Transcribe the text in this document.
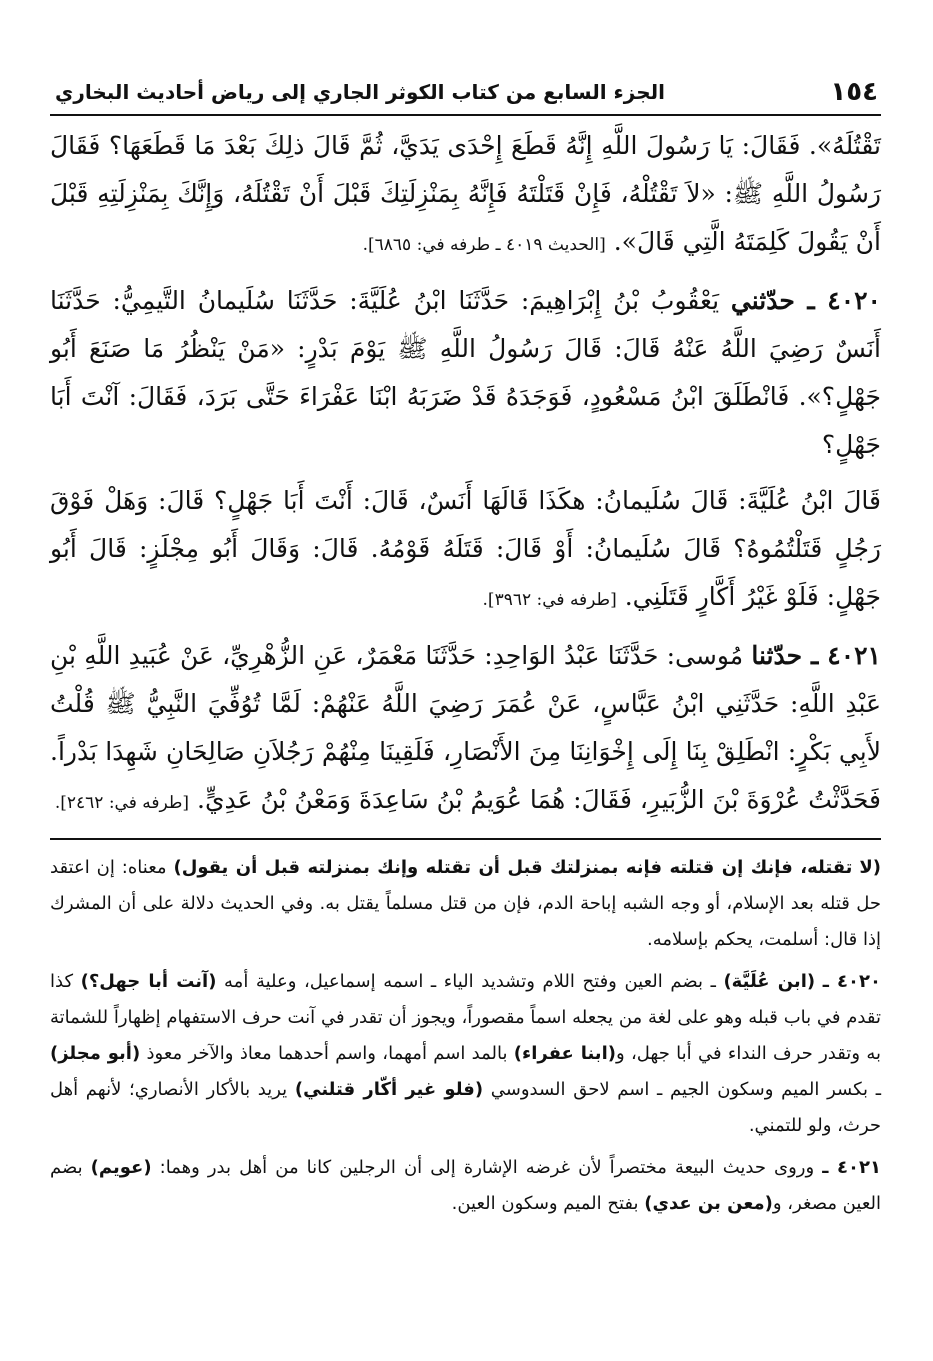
١٥٤
الجزء السابع من كتاب الكوثر الجاري إلى رياض أحاديث البخاري

تَقْتُلَهُ». فَقَالَ: يَا رَسُولَ اللَّهِ إِنَّهُ قَطَعَ إِحْدَى يَدَيَّ، ثُمَّ قَالَ ذلِكَ بَعْدَ مَا قَطَعَهَا؟ فَقَالَ رَسُولُ اللَّهِ ﷺ: «لاَ تَقْتُلْهُ، فَإِنْ قَتَلْتَهُ فَإِنَّهُ بِمَنْزِلَتِكَ قَبْلَ أَنْ تَقْتُلَهُ، وَإِنَّكَ بِمَنْزِلَتِهِ قَبْلَ أَنْ يَقُولَ كَلِمَتَهُ الَّتِي قَالَ». [الحديث ٤٠١٩ ـ طرفه في: ٦٨٦٥].

٤٠٢٠ ـ حدّثني يَعْقُوبُ بْنُ إِبْرَاهِيمَ: حَدَّثَنَا ابْنُ عُلَيَّةَ: حَدَّثَنَا سُلَيمانُ التَّيمِيُّ: حَدَّثَنَا أَنَسٌ رَضِيَ اللَّهُ عَنْهُ قَالَ: قَالَ رَسُولُ اللَّهِ ﷺ يَوْمَ بَدْرٍ: «مَنْ يَنْظُرُ مَا صَنَعَ أَبُو جَهْلٍ؟». فَانْطَلَقَ ابْنُ مَسْعُودٍ، فَوَجَدَهُ قَدْ ضَرَبَهُ ابْنَا عَفْرَاءَ حَتَّى بَرَدَ، فَقَالَ: آنْتَ أَبَا جَهْلٍ؟

قَالَ ابْنُ عُلَيَّةَ: قَالَ سُلَيمانُ: هكَذَا قَالَهَا أَنَسٌ، قَالَ: أَنْتَ أَبَا جَهْلٍ؟ قَالَ: وَهَلْ فَوْقَ رَجُلٍ قَتَلْتُمُوهُ؟ قَالَ سُلَيمانُ: أَوْ قَالَ: قَتَلَهُ قَوْمُهُ. قَالَ: وَقَالَ أَبُو مِجْلَزٍ: قَالَ أَبُو جَهْلٍ: فَلَوْ غَيْرُ أَكَّارٍ قَتَلَنِي. [طرفه في: ٣٩٦٢].

٤٠٢١ ـ حدّثنا مُوسى: حَدَّثَنَا عَبْدُ الوَاحِدِ: حَدَّثَنَا مَعْمَرٌ، عَنِ الزُّهْرِيِّ، عَنْ عُبَيدِ اللَّهِ بْنِ عَبْدِ اللَّهِ: حَدَّثَنِي ابْنُ عَبَّاسٍ، عَنْ عُمَرَ رَضِيَ اللَّهُ عَنْهُمْ: لَمَّا تُوُفِّيَ النَّبِيُّ ﷺ قُلْتُ لأَبِي بَكْرٍ: انْطَلِقْ بِنَا إِلَى إِخْوَانِنَا مِنَ الأَنْصَارِ، فَلَقِينَا مِنْهُمْ رَجُلاَنِ صَالِحَانِ شَهِدَا بَدْراً. فَحَدَّثْتُ عُرْوَةَ بْنَ الزُّبَيرِ، فَقَالَ: هُمَا عُوَيمُ بْنُ سَاعِدَةَ وَمَعْنُ بْنُ عَدِيٍّ. [طرفه في: ٢٤٦٢].

(لا تقتله، فإنك إن قتلته فإنه بمنزلتك قبل أن تقتله وإنك بمنزلته قبل أن يقول) معناه: إن اعتقد حل قتله بعد الإسلام، أو وجه الشبه إباحة الدم، فإن من قتل مسلماً يقتل به. وفي الحديث دلالة على أن المشرك إذا قال: أسلمت، يحكم بإسلامه.

٤٠٢٠ ـ (ابن عُلَيَّة) ـ بضم العين وفتح اللام وتشديد الياء ـ اسمه إسماعيل، وعلية أمه (آنت أبا جهل؟) كذا تقدم في باب قبله وهو على لغة من يجعله اسماً مقصوراً، ويجوز أن تقدر في آنت حرف الاستفهام إظهاراً للشماتة به وتقدر حرف النداء في أبا جهل، و(ابنا عفراء) بالمد اسم أمهما، واسم أحدهما معاذ والآخر معوذ (أبو مجلز) ـ بكسر الميم وسكون الجيم ـ اسم لاحق السدوسي (فلو غير أكّار قتلني) يريد بالأكار الأنصاري؛ لأنهم أهل حرث، ولو للتمني.

٤٠٢١ ـ وروى حديث البيعة مختصراً لأن غرضه الإشارة إلى أن الرجلين كانا من أهل بدر وهما: (عويم) بضم العين مصغر، و(معن بن عدي) بفتح الميم وسكون العين.
